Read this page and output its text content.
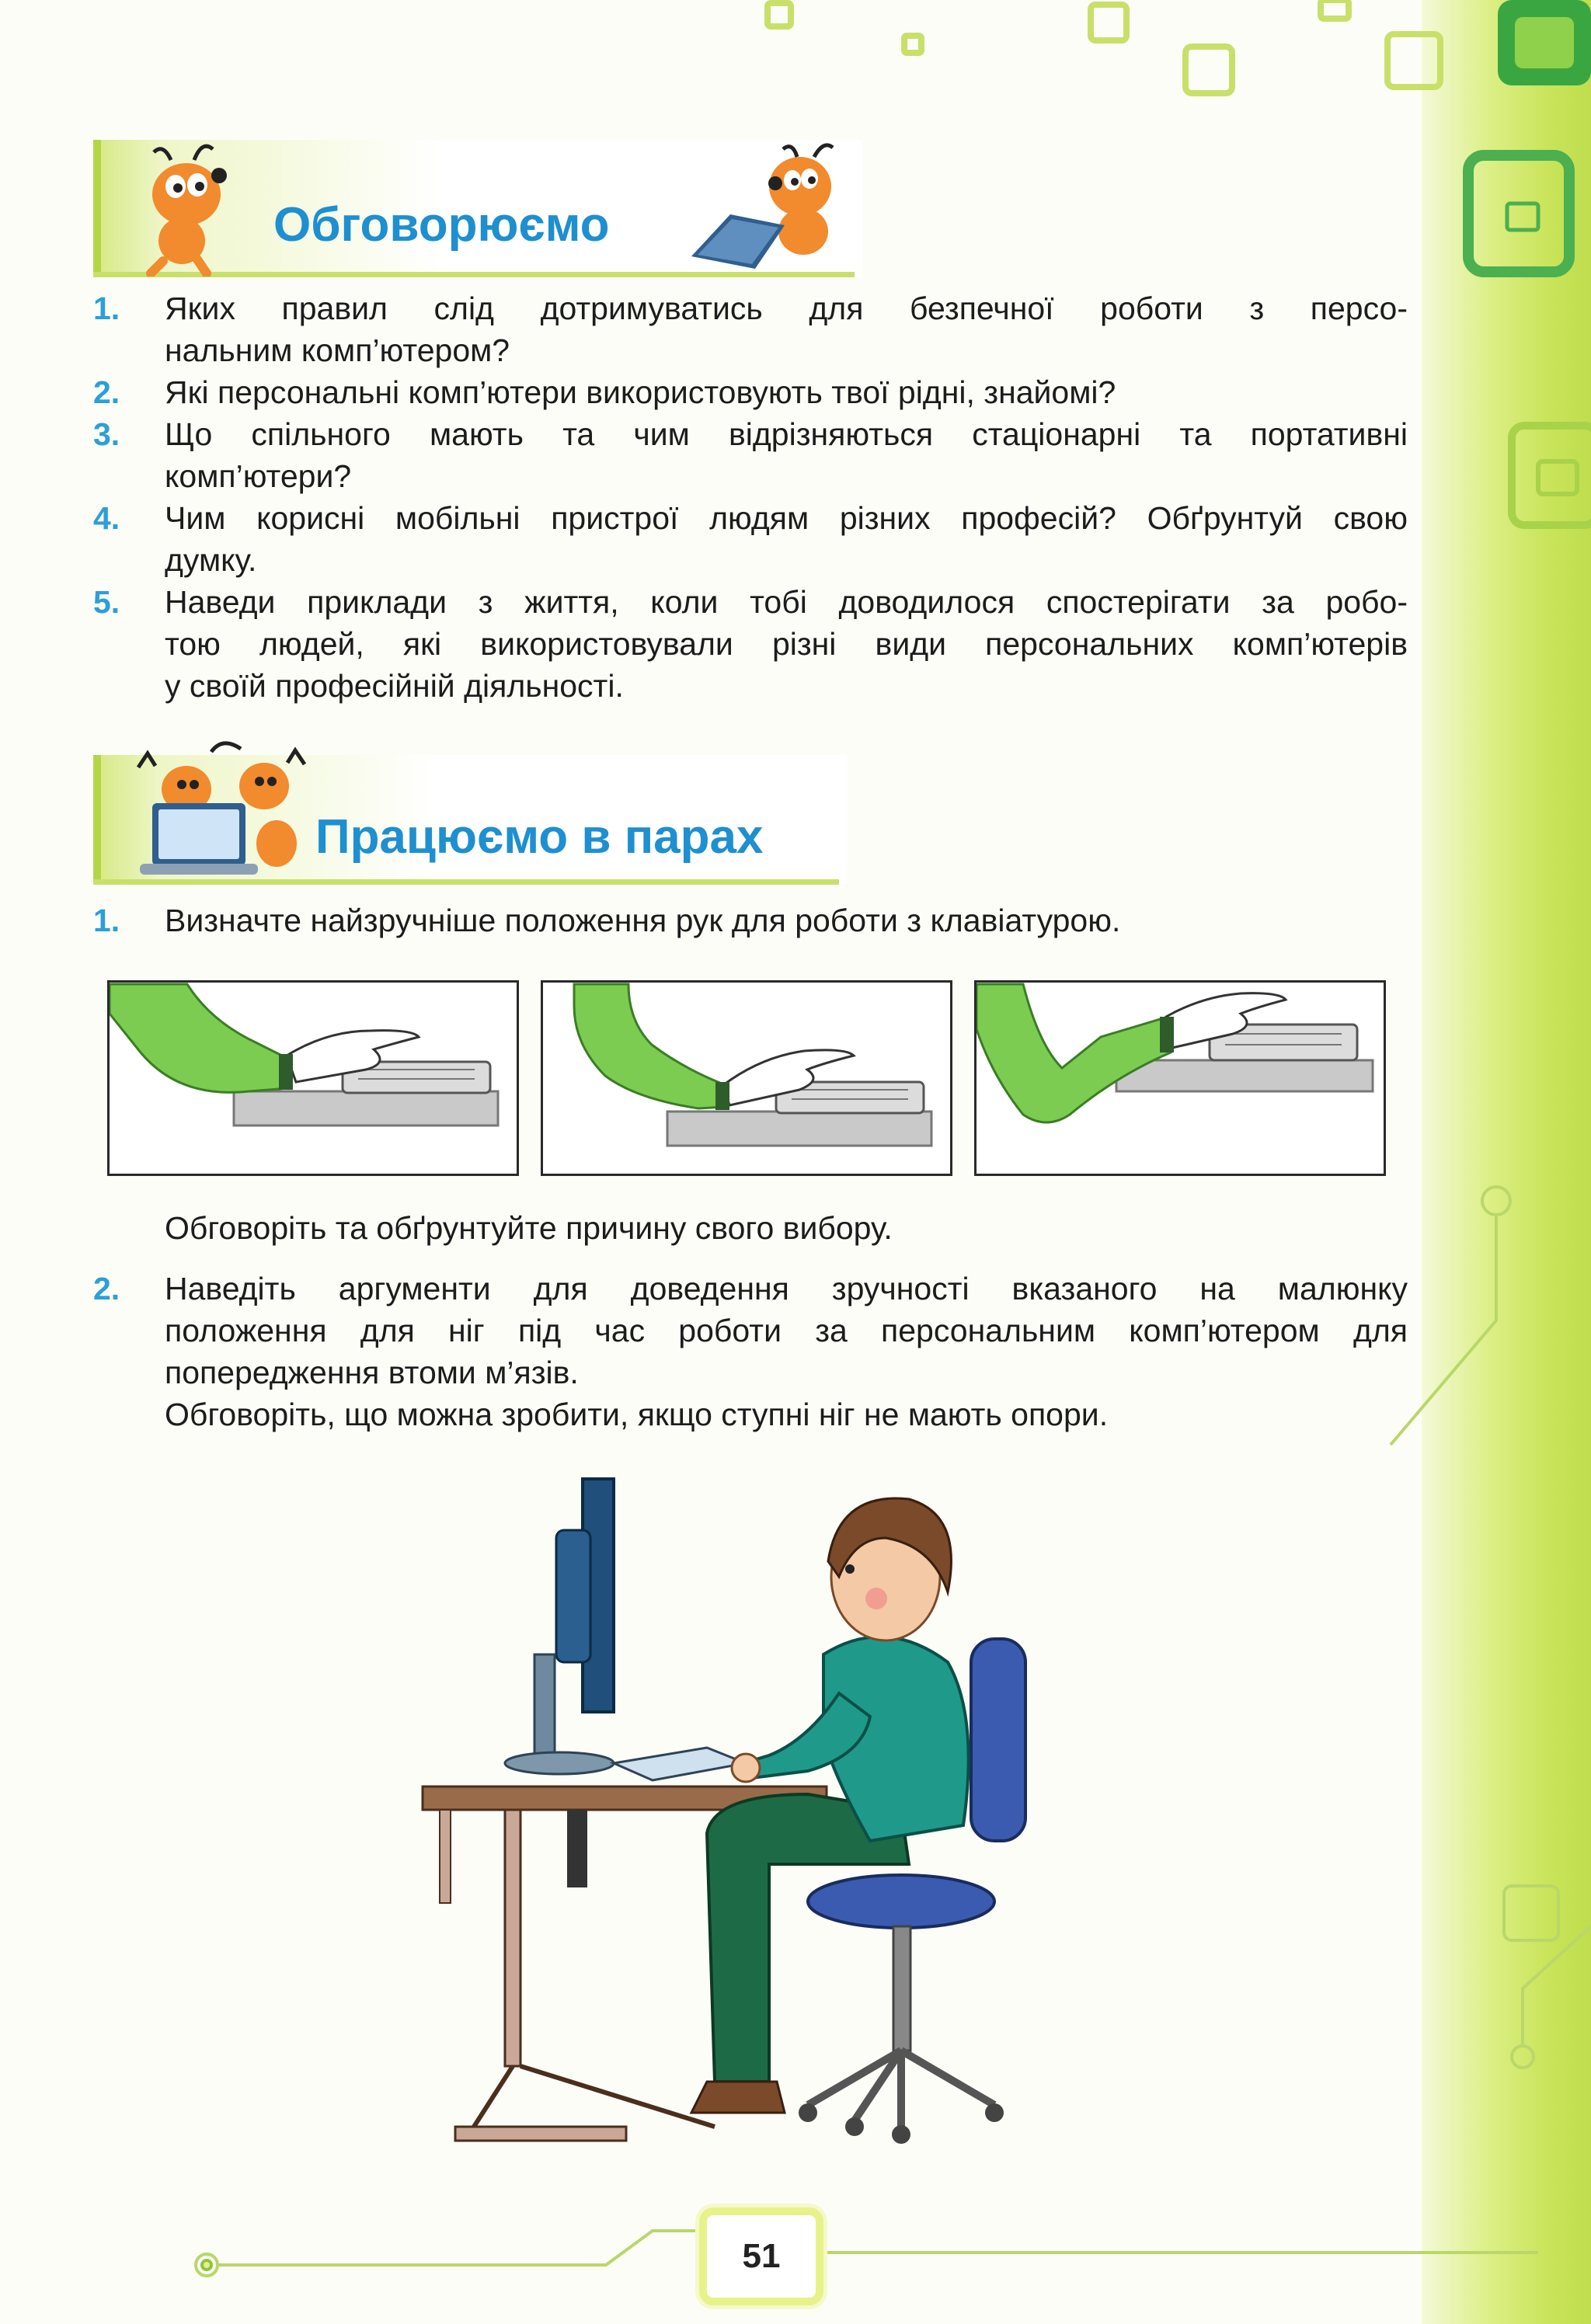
Обговорюємо
1.	Яких правил слід дотримуватись для безпечної роботи з персо-
нальним комп’ютером?
2.	Які персональні комп’ютери використовують твої рідні, знайомі?
3.	Що спільного мають та чим відрізняються стаціонарні та портативні
комп’ютери?
4.	Чим корисні мобільні пристрої людям різних професій? Обґрунтуй свою
думку.
5.	Наведи приклади з життя, коли тобі доводилося спостерігати за робо-
тою людей, які використовували різні види персональних комп’ютерів
у своїй професійній діяльності.
Працюємо в парах
1.	Визначте найзручніше положення рук для роботи з клавіатурою.
Обговоріть та обґрунтуйте причину свого вибору.
2.	Наведіть аргументи для доведення зручності вказаного на малюнку
положення для ніг під час роботи за персональним комп’ютером для
попередження втоми м’язів.
Обговоріть, що можна зробити, якщо ступні ніг не мають опори.
51
